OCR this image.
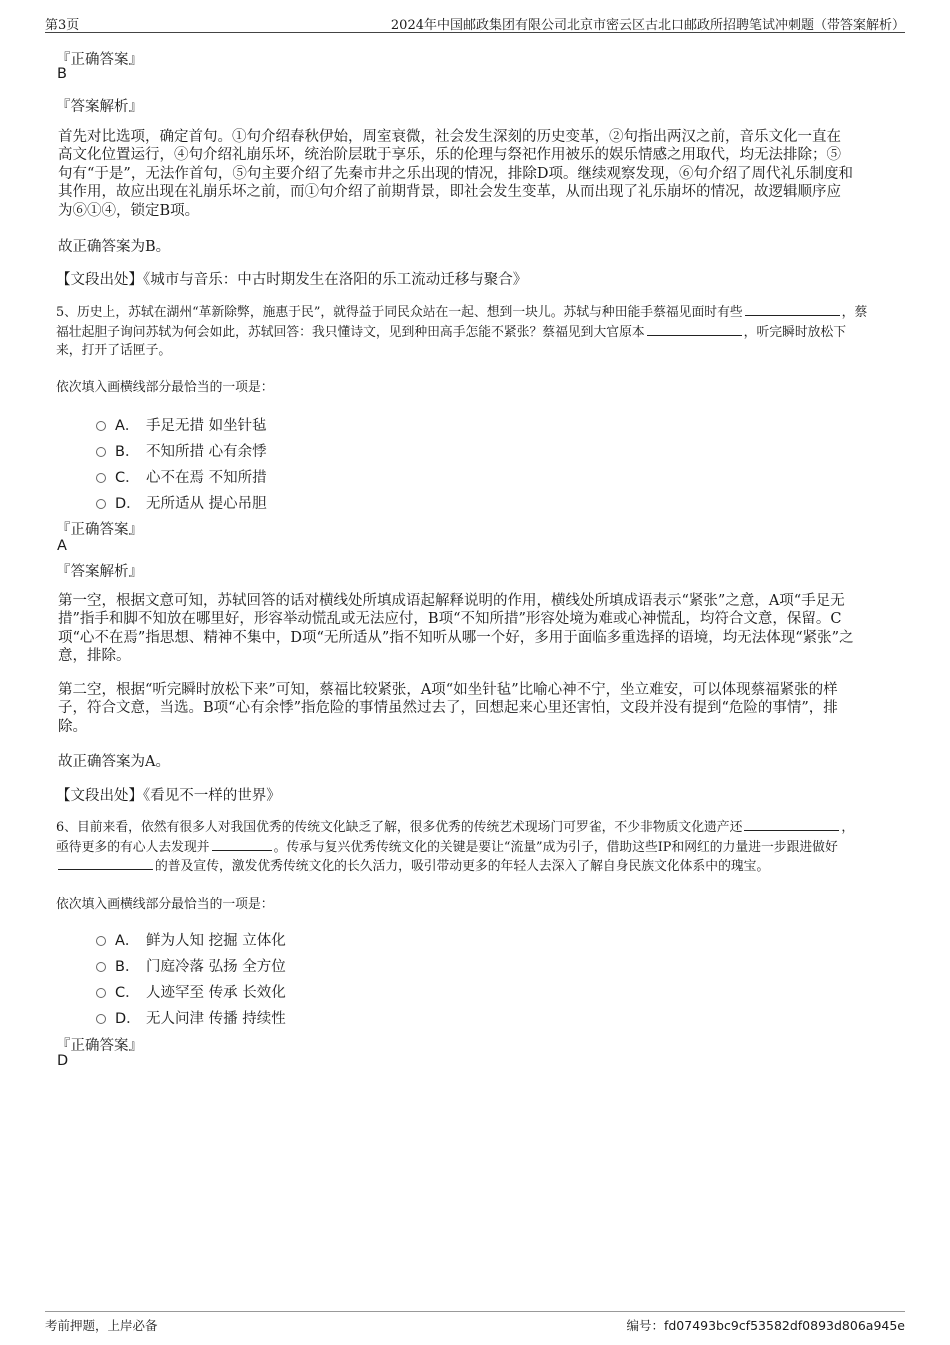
第3页	2024年中国邮政集团有限公司北京市密云区古北口邮政所招聘笔试冲刺题（带答案解析）
『正确答案』
B
『答案解析』
首先对比选项，确定首句。①句介绍春秋伊始，周室衰微，社会发生深刻的历史变革，②句指出两汉之前，音乐文化一直在
高文化位置运行，④句介绍礼崩乐坏，统治阶层耽于享乐，乐的伦理与祭祀作用被乐的娱乐情感之用取代，均无法排除；⑤
句有“于是”，无法作首句，⑤句主要介绍了先秦市井之乐出现的情况，排除D项。继续观察发现，⑥句介绍了周代礼乐制度和
其作用，故应出现在礼崩乐坏之前，而①句介绍了前期背景，即社会发生变革，从而出现了礼乐崩坏的情况，故逻辑顺序应
为⑥①④，锁定B项。
故正确答案为B。
【文段出处】《城市与音乐：中古时期发生在洛阳的乐工流动迁移与聚合》
5、历史上，苏轼在湖州“革新除弊，施惠于民”，就得益于同民众站在一起、想到一块儿。苏轼与种田能手蔡福见面时有些	，蔡
福壮起胆子询问苏轼为何会如此，苏轼回答：我只懂诗文，见到种田高手怎能不紧张？蔡福见到大官原本	，听完瞬时放松下
来，打开了话匣子。
依次填入画横线部分最恰当的一项是：
A． 手足无措 如坐针毡
B． 不知所措 心有余悸
C． 心不在焉 不知所措
D． 无所适从 提心吊胆
『正确答案』
A
『答案解析』
第一空，根据文意可知，苏轼回答的话对横线处所填成语起解释说明的作用，横线处所填成语表示“紧张”之意，A项“手足无
措”指手和脚不知放在哪里好，形容举动慌乱或无法应付，B项“不知所措”形容处境为难或心神慌乱，均符合文意，保留。C
项“心不在焉”指思想、精神不集中，D项“无所适从”指不知听从哪一个好，多用于面临多重选择的语境，均无法体现“紧张”之
意，排除。
第二空，根据“听完瞬时放松下来”可知，蔡福比较紧张，A项“如坐针毡”比喻心神不宁，坐立难安，可以体现蔡福紧张的样
子，符合文意，当选。B项“心有余悸”指危险的事情虽然过去了，回想起来心里还害怕，文段并没有提到“危险的事情”，排
除。
故正确答案为A。
【文段出处】《看见不一样的世界》
6、目前来看，依然有很多人对我国优秀的传统文化缺乏了解，很多优秀的传统艺术现场门可罗雀，不少非物质文化遗产还	，
亟待更多的有心人去发现并	。传承与复兴优秀传统文化的关键是要让“流量”成为引子，借助这些IP和网红的力量进一步跟进做好
的普及宣传，激发优秀传统文化的长久活力，吸引带动更多的年轻人去深入了解自身民族文化体系中的瑰宝。
依次填入画横线部分最恰当的一项是：
A． 鲜为人知 挖掘 立体化
B． 门庭冷落 弘扬 全方位
C． 人迹罕至 传承 长效化
D． 无人问津 传播 持续性
『正确答案』
D
考前押题，上岸必备	编号：fd07493bc9cf53582df0893d806a945e
